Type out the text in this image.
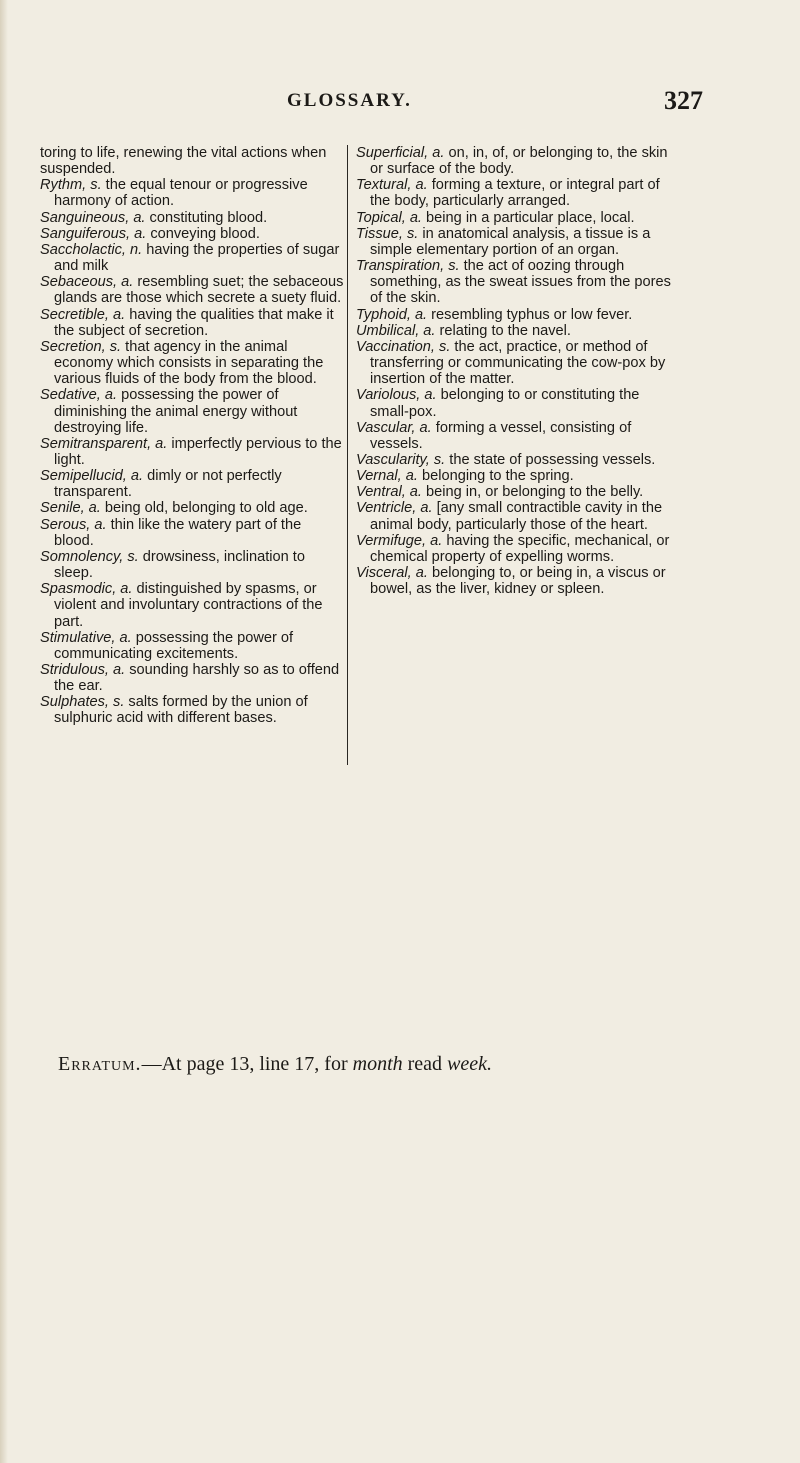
GLOSSARY.	327

toring to life, renewing the vital actions when suspended.

Rythm, s. the equal tenour or progressive harmony of action.

Sanguineous, a. constituting blood.

Sanguiferous, a. conveying blood.

Saccholactic, n. having the properties of sugar and milk

Sebaceous, a. resembling suet; the sebaceous glands are those which secrete a suety fluid.

Secretible, a. having the qualities that make it the subject of secretion.

Secretion, s. that agency in the animal economy which consists in separating the various fluids of the body from the blood.

Sedative, a. possessing the power of diminishing the animal energy without destroying life.

Semitransparent, a. imperfectly pervious to the light.

Semipellucid, a. dimly or not perfectly transparent.

Senile, a. being old, belonging to old age.

Serous, a. thin like the watery part of the blood.

Somnolency, s. drowsiness, inclination to sleep.

Spasmodic, a. distinguished by spasms, or violent and involuntary contractions of the part.

Stimulative, a. possessing the power of communicating excitements.

Stridulous, a. sounding harshly so as to offend the ear.

Sulphates, s. salts formed by the union of sulphuric acid with different bases.

Superficial, a. on, in, of, or belonging to, the skin or surface of the body.

Textural, a. forming a texture, or integral part of the body, particularly arranged.

Topical, a. being in a particular place, local.

Tissue, s. in anatomical analysis, a tissue is a simple elementary portion of an organ.

Transpiration, s. the act of oozing through something, as the sweat issues from the pores of the skin.

Typhoid, a. resembling typhus or low fever.

Umbilical, a. relating to the navel.

Vaccination, s. the act, practice, or method of transferring or communicating the cow-pox by insertion of the matter.

Variolous, a. belonging to or constituting the small-pox.

Vascular, a. forming a vessel, consisting of vessels.

Vascularity, s. the state of possessing vessels.

Vernal, a. belonging to the spring.

Ventral, a. being in, or belonging to the belly.

Ventricle, a. [any small contractible cavity in the animal body, particularly those of the heart.

Vermifuge, a. having the specific, mechanical, or chemical property of expelling worms.

Visceral, a. belonging to, or being in, a viscus or bowel, as the liver, kidney or spleen.

Erratum.—At page 13, line 17, for month read week.
